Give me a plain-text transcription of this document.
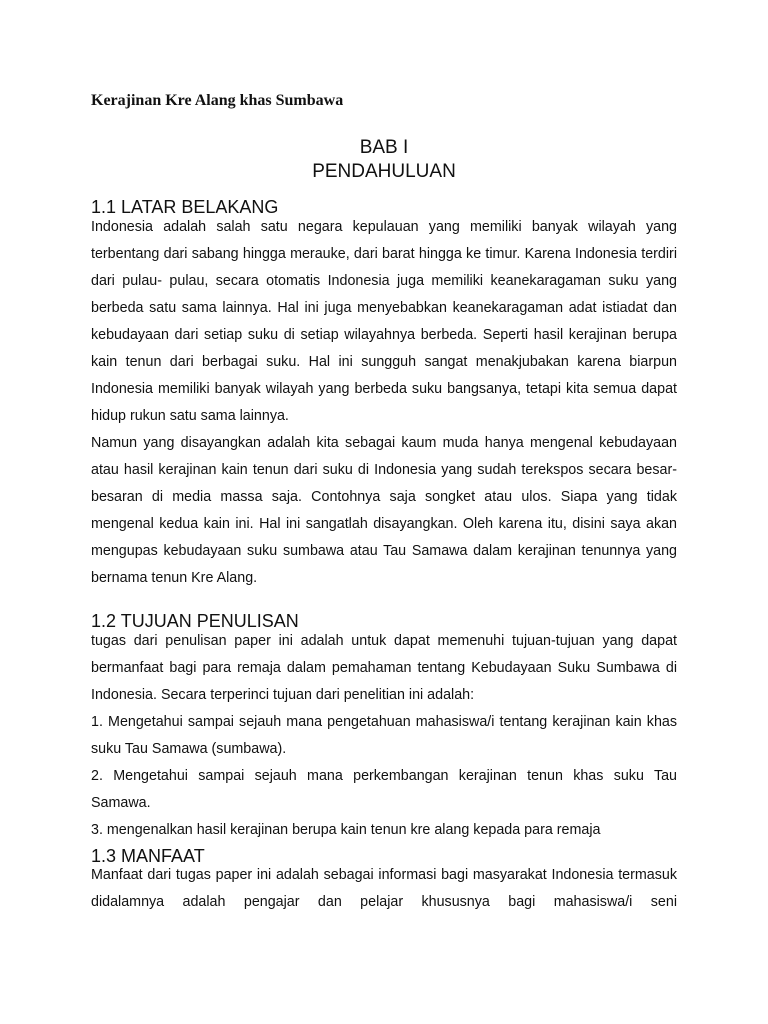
Kerajinan Kre Alang khas Sumbawa

BAB I

PENDAHULUAN

1.1 LATAR BELAKANG

Indonesia adalah salah satu negara kepulauan yang memiliki banyak wilayah yang terbentang dari sabang hingga merauke, dari barat hingga ke timur. Karena Indonesia terdiri dari pulau- pulau, secara otomatis Indonesia juga memiliki keanekaragaman suku yang berbeda satu sama lainnya. Hal ini juga menyebabkan keanekaragaman adat istiadat dan kebudayaan dari setiap suku di setiap wilayahnya berbeda. Seperti hasil kerajinan berupa kain tenun dari berbagai suku. Hal ini sungguh sangat menakjubakan karena biarpun Indonesia memiliki banyak wilayah yang berbeda suku bangsanya, tetapi kita semua dapat hidup rukun satu sama lainnya.

Namun yang disayangkan adalah kita sebagai kaum muda hanya mengenal kebudayaan atau hasil kerajinan kain tenun dari suku di Indonesia yang sudah terekspos secara besar- besaran di media massa saja. Contohnya saja songket atau ulos. Siapa yang tidak mengenal kedua kain ini. Hal ini sangatlah disayangkan. Oleh karena itu, disini saya akan mengupas kebudayaan suku sumbawa atau Tau Samawa dalam kerajinan tenunnya yang bernama tenun Kre Alang.

1.2 TUJUAN PENULISAN

tugas dari penulisan paper ini adalah untuk dapat memenuhi tujuan-tujuan yang dapat bermanfaat bagi para remaja dalam pemahaman tentang Kebudayaan Suku Sumbawa di Indonesia. Secara terperinci tujuan dari penelitian ini adalah:

1. Mengetahui sampai sejauh mana pengetahuan mahasiswa/i tentang kerajinan kain khas suku Tau Samawa (sumbawa).

2. Mengetahui sampai sejauh mana perkembangan kerajinan tenun khas suku Tau Samawa.

3. mengenalkan hasil kerajinan berupa kain tenun kre alang kepada para remaja

1.3 MANFAAT

Manfaat dari tugas paper ini adalah sebagai informasi bagi masyarakat Indonesia termasuk didalamnya adalah pengajar dan pelajar khususnya bagi mahasiswa/i seni
